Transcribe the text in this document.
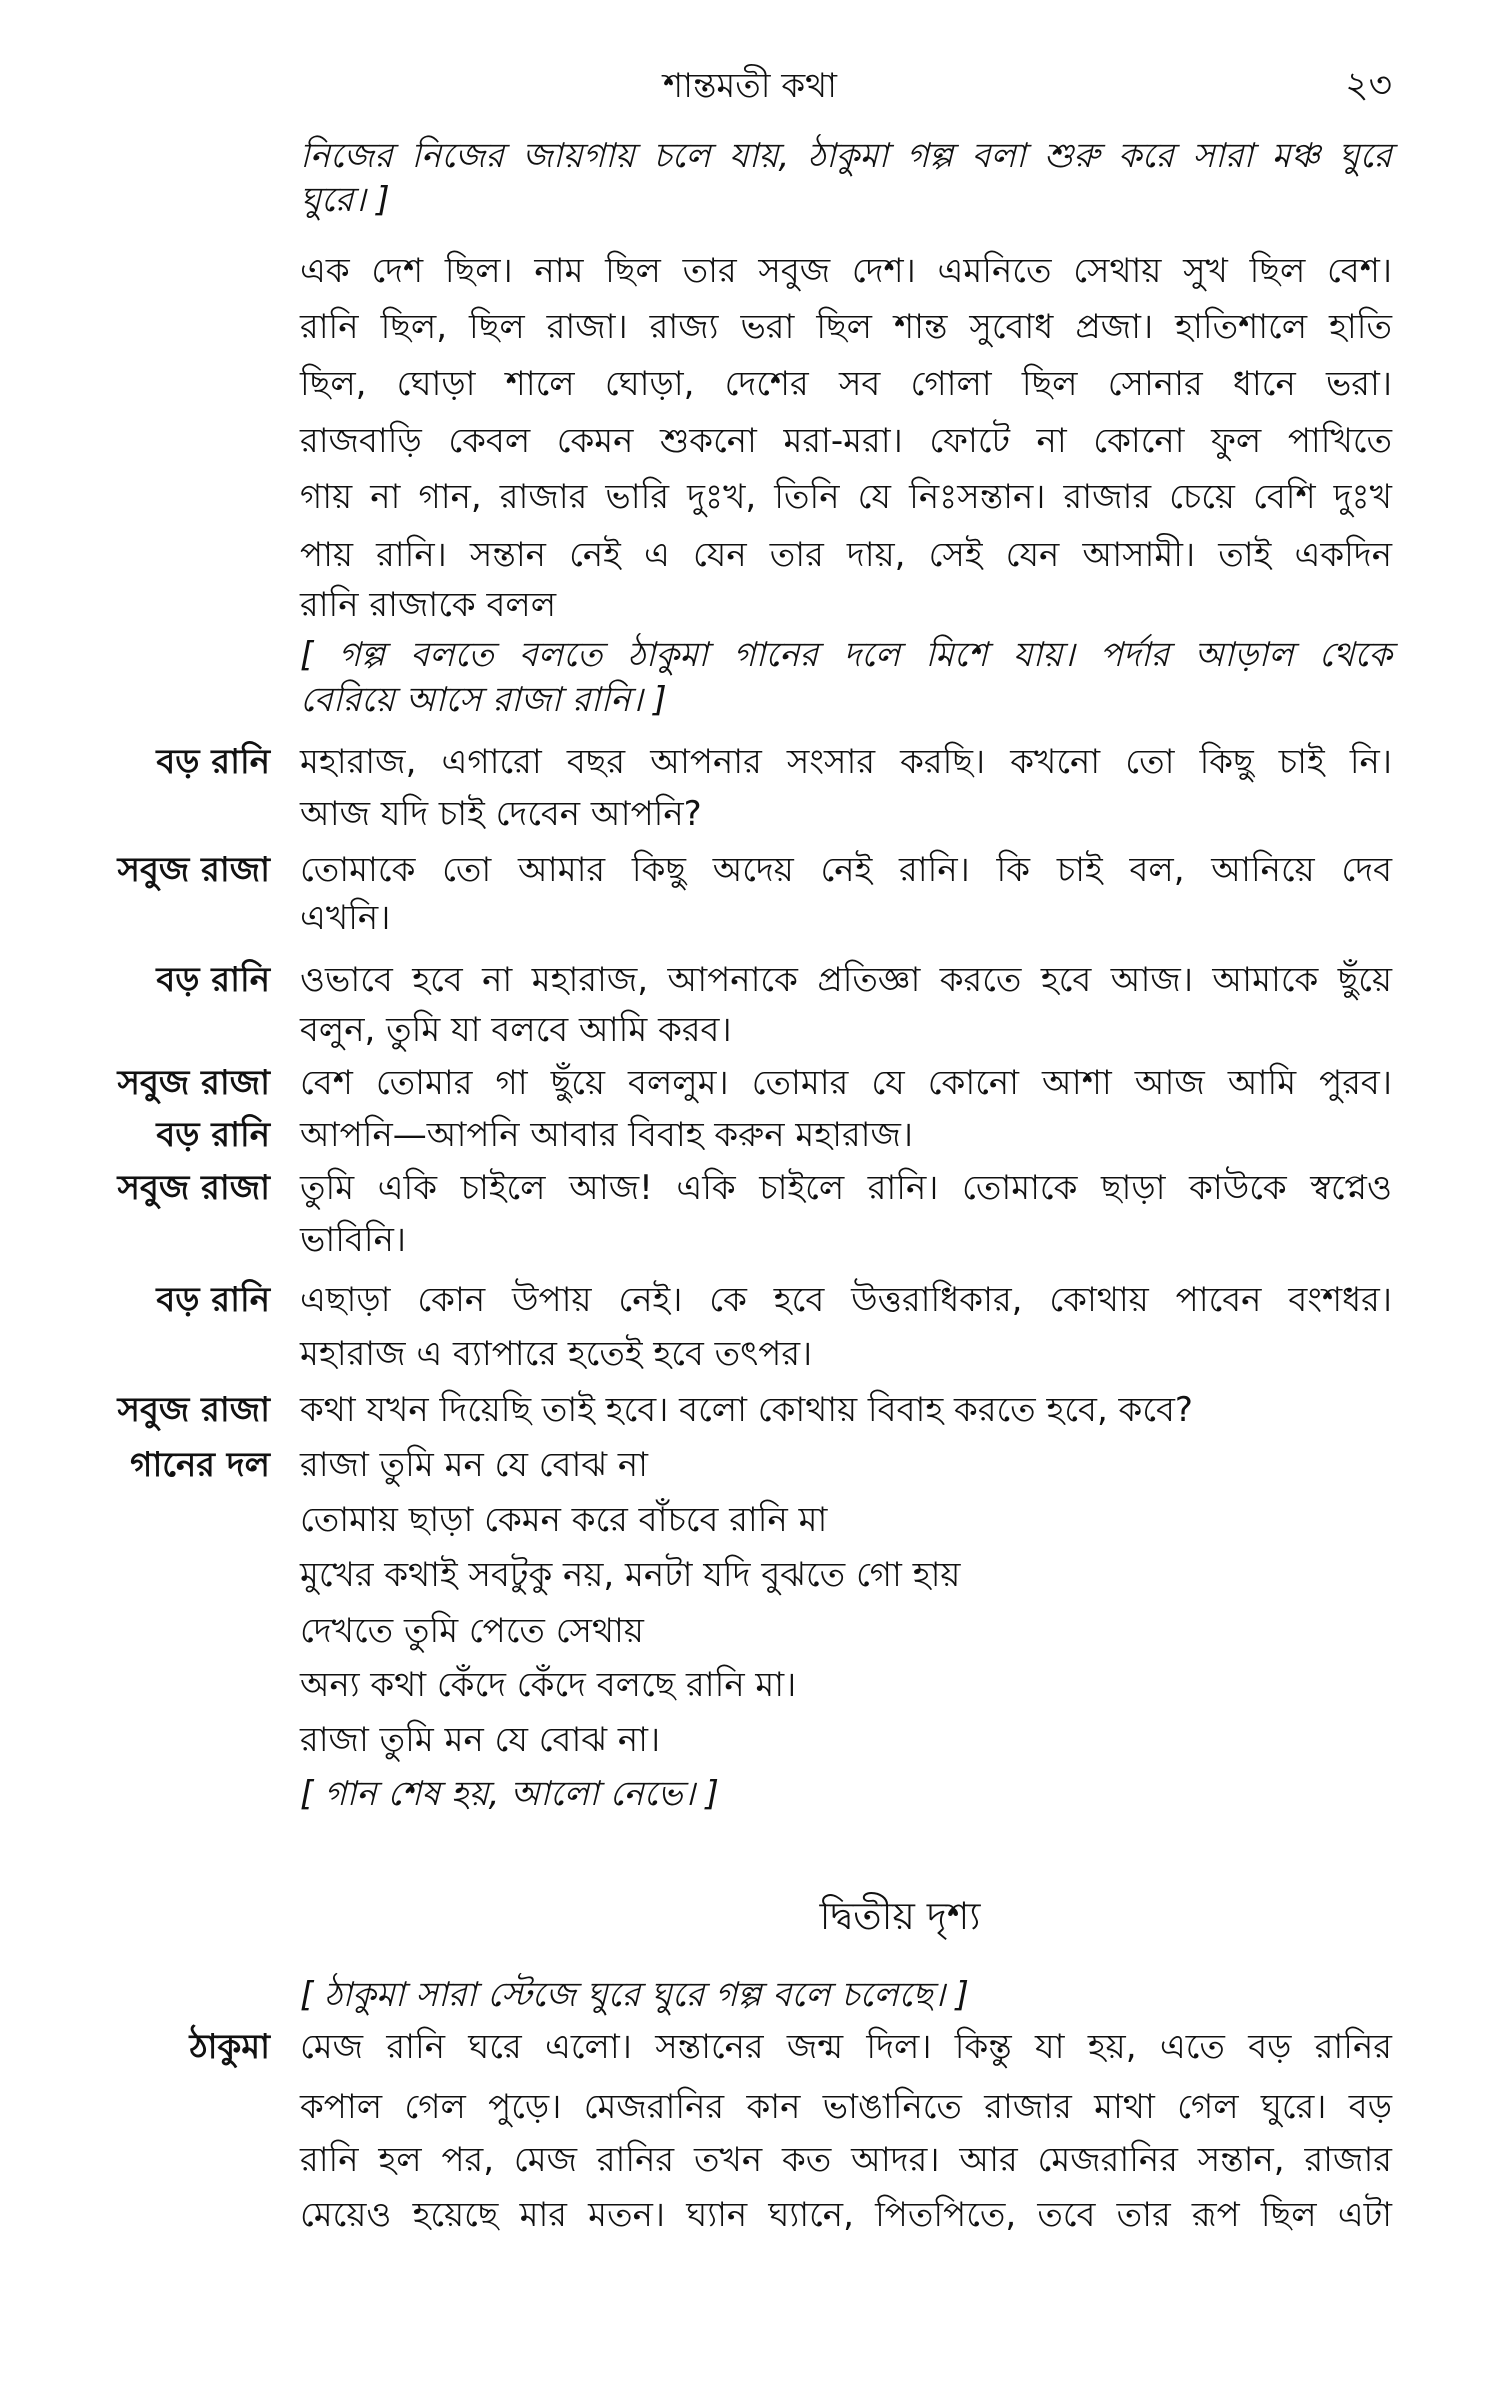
শান্তমতী কথা	২৩
নিজের নিজের জায়গায় চলে যায়, ঠাকুমা গল্প বলা শুরু করে সারা মঞ্চ ঘুরে
ঘুরে। ]
এক দেশ ছিল। নাম ছিল তার সবুজ দেশ। এমনিতে সেথায় সুখ ছিল বেশ।
রানি ছিল, ছিল রাজা। রাজ্য ভরা ছিল শান্ত সুবোধ প্রজা। হাতিশালে হাতি
ছিল, ঘোড়া শালে ঘোড়া, দেশের সব গোলা ছিল সোনার ধানে ভরা।
রাজবাড়ি কেবল কেমন শুকনো মরা-মরা। ফোটে না কোনো ফুল পাখিতে
গায় না গান, রাজার ভারি দুঃখ, তিনি যে নিঃসন্তান। রাজার চেয়ে বেশি দুঃখ
পায় রানি। সন্তান নেই এ যেন তার দায়, সেই যেন আসামী। তাই একদিন
রানি রাজাকে বলল
[ গল্প বলতে বলতে ঠাকুমা গানের দলে মিশে যায়। পর্দার আড়াল থেকে
বেরিয়ে আসে রাজা রানি। ]
বড় রানি মহারাজ, এগারো বছর আপনার সংসার করছি। কখনো তো কিছু চাই নি।
আজ যদি চাই দেবেন আপনি?
সবুজ রাজা তোমাকে তো আমার কিছু অদেয় নেই রানি। কি চাই বল, আনিয়ে দেব
এখনি।
বড় রানি ওভাবে হবে না মহারাজ, আপনাকে প্রতিজ্ঞা করতে হবে আজ। আমাকে ছুঁয়ে
বলুন, তুমি যা বলবে আমি করব।
সবুজ রাজা বেশ তোমার গা ছুঁয়ে বললুম। তোমার যে কোনো আশা আজ আমি পুরব।
বড় রানি আপনি—আপনি আবার বিবাহ করুন মহারাজ।
সবুজ রাজা তুমি একি চাইলে আজ! একি চাইলে রানি। তোমাকে ছাড়া কাউকে স্বপ্নেও
ভাবিনি।
বড় রানি এছাড়া কোন উপায় নেই। কে হবে উত্তরাধিকার, কোথায় পাবেন বংশধর।
মহারাজ এ ব্যাপারে হতেই হবে তৎপর।
সবুজ রাজা কথা যখন দিয়েছি তাই হবে। বলো কোথায় বিবাহ করতে হবে, কবে?
গানের দল রাজা তুমি মন যে বোঝ না
তোমায় ছাড়া কেমন করে বাঁচবে রানি মা
মুখের কথাই সবটুকু নয়, মনটা যদি বুঝতে গো হায়
দেখতে তুমি পেতে সেথায়
অন্য কথা কেঁদে কেঁদে বলছে রানি মা।
রাজা তুমি মন যে বোঝ না।
[ গান শেষ হয়, আলো নেভে। ]
দ্বিতীয় দৃশ্য
[ ঠাকুমা সারা স্টেজে ঘুরে ঘুরে গল্প বলে চলেছে। ]
ঠাকুমা মেজ রানি ঘরে এলো। সন্তানের জন্ম দিল। কিন্তু যা হয়, এতে বড় রানির
কপাল গেল পুড়ে। মেজরানির কান ভাঙানিতে রাজার মাথা গেল ঘুরে। বড়
রানি হল পর, মেজ রানির তখন কত আদর। আর মেজরানির সন্তান, রাজার
মেয়েও হয়েছে মার মতন। ঘ্যান ঘ্যানে, পিতপিতে, তবে তার রূপ ছিল এটা
